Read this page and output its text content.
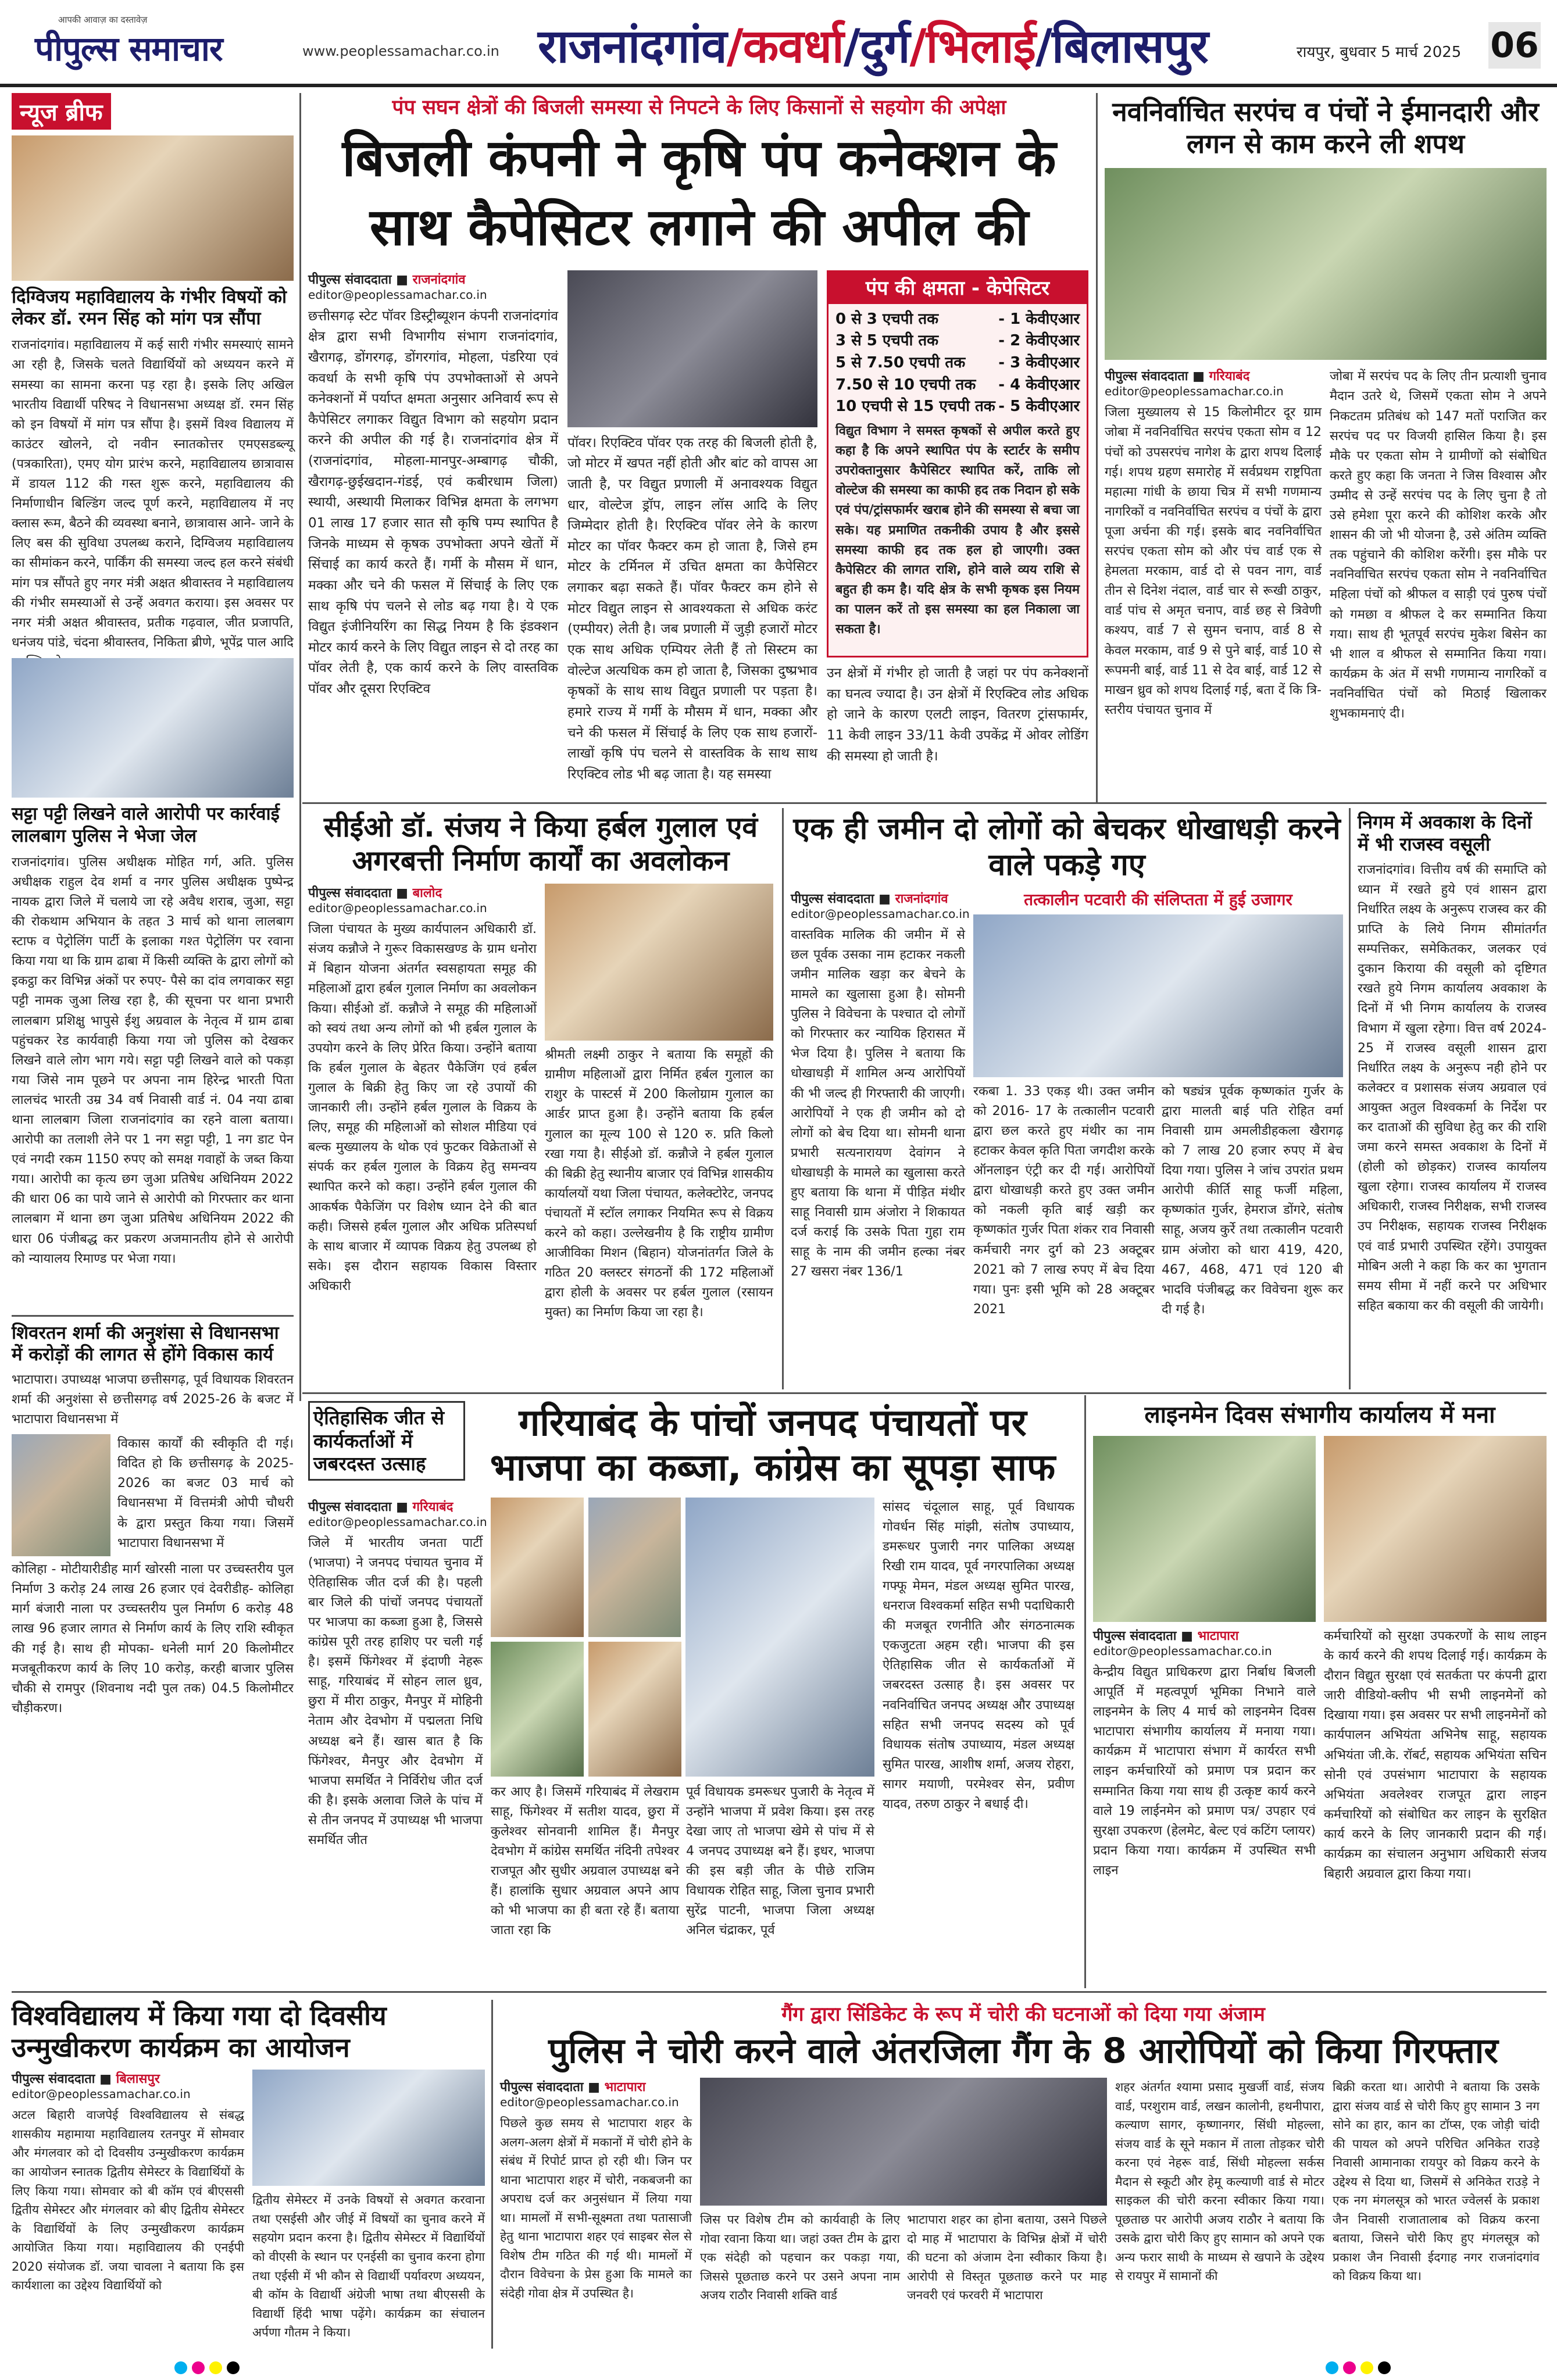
आपकी आवाज़ का दस्तावेज़
पीपुल्स समाचार	www.peoplessamachar.co.in राजनांदगांव/कवर्धा/दुर्ग/भिलाई/बिलासपुर	रायपुर, बुधवार 5 मार्च 2025 06
न्यूज ब्रीफ
दिग्विजय महाविद्यालय के गंभीर विषयों को लेकर डॉ. रमन सिंह को मांग पत्र सौंपा
राजनांदगांव। महाविद्यालय में कई सारी गंभीर समस्याएं सामने आ रही है, जिसके चलते विद्यार्थियों को अध्ययन करने में समस्या का सामना करना पड़ रहा है। इसके लिए अखिल भारतीय विद्यार्थी परिषद ने विधानसभा अध्यक्ष डॉ. रमन सिंह को इन विषयों में मांग पत्र सौंपा है। इसमें विश्व विद्यालय में काउंटर खोलने, दो नवीन स्नातकोत्तर एमएसडब्ल्यू (पत्रकारिता), एमए योग प्रारंभ करने, महाविद्यालय छात्रावास में डायल 112 की गस्त शुरू करने, महाविद्यालय की निर्माणाधीन बिल्डिंग जल्द पूर्ण करने, महाविद्यालय में नए क्लास रूम, बैठने की व्यवस्था बनाने, छात्रावास आने- जाने के लिए बस की सुविधा उपलब्ध कराने, दिग्विजय महाविद्यालय का सीमांकन करने, पार्किंग की समस्या जल्द हल करने संबंधी मांग पत्र सौंपते हुए नगर मंत्री अक्षत श्रीवास्तव ने महाविद्यालय की गंभीर समस्याओं से उन्हें अवगत कराया। इस अवसर पर नगर मंत्री अक्षत श्रीवास्तव, प्रतीक गढ़वाल, जीत प्रजापति, धनंजय पांडे, चंदना श्रीवास्तव, निकिता ब्रीणे, भूपेंद्र पाल आदि
सट्टा पट्टी लिखने वाले आरोपी पर कार्रवाई लालबाग पुलिस ने भेजा जेल
राजनांदगांव। पुलिस अधीक्षक मोहित गर्ग, अति. पुलिस अधीक्षक राहुल देव शर्मा व नगर पुलिस अधीक्षक पुष्पेन्द्र नायक द्वारा जिले में चलाये जा रहे अवैध शराब, जुआ, सट्टा की रोकथाम अभियान के तहत 3 मार्च को थाना लालबाग स्टाफ व पेट्रोलिंग पार्टी के इलाका गश्त पेट्रोलिंग पर रवाना किया गया था कि ग्राम ढाबा में किसी व्यक्ति के द्वारा लोगों को इकट्ठा कर विभिन्न अंकों पर रुपए- पैसे का दांव लगवाकर सट्टा पट्टी नामक जुआ लिख रहा है, की सूचना पर थाना प्रभारी लालबाग प्रशिक्षु भापुसे ईशु अग्रवाल के नेतृत्व में ग्राम ढाबा पहुंचकर रेड कार्यवाही किया गया जो पुलिस को देखकर लिखने वाले लोग भाग गये। सट्टा पट्टी लिखने वाले को पकड़ा गया जिसे नाम पूछने पर अपना नाम हिरेन्द्र भारती पिता लालचंद भारती उम्र 34 वर्ष निवासी वार्ड नं. 04 नया ढाबा थाना लालबाग जिला राजनांदगांव का रहने वाला बताया। आरोपी का तलाशी लेने पर 1 नग सट्टा पट्टी, 1 नग डाट पेन एवं नगदी रकम 1150 रुपए को समक्ष गवाहों के जब्त किया गया। आरोपी का कृत्य छग जुआ प्रतिषेध अधिनियम 2022 की धारा 06 का पाये जाने से आरोपी को गिरफ्तार कर थाना लालबाग में थाना छग जुआ प्रतिषेध अधिनियम 2022 की धारा 06 पंजीबद्ध कर प्रकरण अजमानतीय होने से आरोपी को न्यायालय रिमाण्ड पर भेजा गया।
शिवरतन शर्मा की अनुशंसा से विधानसभा में करोड़ों की लागत से होंगे विकास कार्य
भाटापारा। उपाध्यक्ष भाजपा छत्तीसगढ़, पूर्व विधायक शिवरतन शर्मा की अनुशंसा से छत्तीसगढ़ वर्ष 2025-26 के बजट में भाटापारा विधानसभा में
विकास कार्यों की स्वीकृति दी गई। विदित हो कि छत्तीसगढ़ के 2025- 2026 का बजट 03 मार्च को विधानसभा में वित्तमंत्री ओपी चौधरी के द्वारा प्रस्तुत किया गया। जिसमें भाटापारा विधानसभा में
कोलिहा - मोटीयारीडीह मार्ग खोरसी नाला पर उच्चस्तरीय पुल निर्माण 3 करोड़ 24 लाख 26 हजार एवं देवरीडीह- कोलिहा मार्ग बंजारी नाला पर उच्चस्तरीय पुल निर्माण 6 करोड़ 48 लाख 96 हजार लागत से निर्माण कार्य के लिए राशि स्वीकृत की गई है। साथ ही मोपका- धनेली मार्ग 20 किलोमीटर मजबूतीकरण कार्य के लिए 10 करोड़, करही बाजार पुलिस चौकी से रामपुर (शिवनाथ नदी पुल तक) 04.5 किलोमीटर चौड़ीकरण।
पंप सघन क्षेत्रों की बिजली समस्या से निपटने के लिए किसानों से सहयोग की अपेक्षा
बिजली कंपनी ने कृषि पंप कनेक्शन के साथ कैपेसिटर लगाने की अपील की
पीपुल्स संवाददाता ■ राजनांदगांव
editor@peoplessamachar.co.in
छत्तीसगढ़ स्टेट पॉवर डिस्ट्रीब्यूशन कंपनी राजनांदगांव क्षेत्र द्वारा सभी विभागीय संभाग राजनांदगांव, खैरागढ़, डोंगरगढ़, डोंगरगांव, मोहला, पंडरिया एवं कवर्धा के सभी कृषि पंप उपभोक्ताओं से अपने कनेक्शनों में पर्याप्त क्षमता अनुसार अनिवार्य रूप से कैपेसिटर लगाकर विद्युत विभाग को सहयोग प्रदान करने की अपील की गई है। राजनांदगांव क्षेत्र में (राजनांदगांव, मोहला-मानपुर-अम्बागढ़ चौकी, खैरागढ़-छुईखदान-गंडई, एवं कबीरधाम जिला) स्थायी, अस्थायी मिलाकर विभिन्न क्षमता के लगभग 01 लाख 17 हजार सात सौ कृषि पम्प स्थापित है जिनके माध्यम से कृषक उपभोक्ता अपने खेतों में सिंचाई का कार्य करते हैं। गर्मी के मौसम में धान, मक्का और चने की फसल में सिंचाई के लिए एक साथ कृषि पंप चलने से लोड बढ़ गया है। ये एक विद्युत इंजीनियरिंग का सिद्ध नियम है कि इंडक्शन मोटर कार्य करने के लिए विद्युत लाइन से दो तरह का पॉवर लेती है, एक कार्य करने के लिए वास्तविक पॉवर और दूसरा रिएक्टिव
पॉवर। रिएक्टिव पॉवर एक तरह की बिजली होती है, जो मोटर में खपत नहीं होती और बांट को वापस आ जाती है, पर विद्युत प्रणाली में अनावश्यक विद्युत धार, वोल्टेज ड्रॉप, लाइन लॉस आदि के लिए जिम्मेदार होती है। रिएक्टिव पॉवर लेने के कारण मोटर का पॉवर फैक्टर कम हो जाता है, जिसे हम मोटर के टर्मिनल में उचित क्षमता का कैपेसिटर लगाकर बढ़ा सकते हैं। पॉवर फैक्टर कम होने से मोटर विद्युत लाइन से आवश्यकता से अधिक करंट (एम्पीयर) लेती है। जब प्रणाली में जुड़ी हजारों मोटर एक साथ अधिक एम्पियर लेती हैं तो सिस्टम का वोल्टेज अत्यधिक कम हो जाता है, जिसका दुष्प्रभाव कृषकों के साथ साथ विद्युत प्रणाली पर पड़ता है। हमारे राज्य में गर्मी के मौसम में धान, मक्का और चने की फसल में सिंचाई के लिए एक साथ हजारों- लाखों कृषि पंप चलने से वास्तविक के साथ साथ रिएक्टिव लोड भी बढ़ जाता है। यह समस्या
पंप की क्षमता - केपेसिटर
0 से 3 एचपी तक	- 1 केवीएआर
3 से 5 एचपी तक	- 2 केवीएआर
5 से 7.50 एचपी तक - 3 केवीएआर
7.50 से 10 एचपी तक - 4 केवीएआर
10 एचपी से 15 एचपी तक - 5 केवीएआर
विद्युत विभाग ने समस्त कृषकों से अपील करते हुए कहा है कि अपने स्थापित पंप के स्टार्टर के समीप उपरोक्तानुसार कैपेसिटर स्थापित करें, ताकि लो वोल्टेज की समस्या का काफी हद तक निदान हो सके एवं पंप/ट्रांसफार्मर खराब होने की समस्या से बचा जा सके। यह प्रमाणित तकनीकी उपाय है और इससे समस्या काफी हद तक हल हो जाएगी। उक्त कैपेसिटर की लागत राशि, होने वाले व्यय राशि से बहुत ही कम है। यदि क्षेत्र के सभी कृषक इस नियम का पालन करें तो इस समस्या का हल निकाला जा सकता है।
उन क्षेत्रों में गंभीर हो जाती है जहां पर पंप कनेक्शनों का घनत्व ज्यादा है। उन क्षेत्रों में रिएक्टिव लोड अधिक हो जाने के कारण एलटी लाइन, वितरण ट्रांसफार्मर, 11 केवी लाइन 33/11 केवी उपकेंद्र में ओवर लोडिंग की समस्या हो जाती है।
नवनिर्वाचित सरपंच व पंचों ने ईमानदारी और लगन से काम करने ली शपथ
पीपुल्स संवाददाता ■ गरियाबंद
editor@peoplessamachar.co.in
जिला मुख्यालय से 15 किलोमीटर दूर ग्राम जोबा में नवनिर्वाचित सरपंच एकता सोम व 12 पंचों को उपसरपंच नागेश के द्वारा शपथ दिलाई गई। शपथ ग्रहण समारोह में सर्वप्रथम राष्ट्रपिता महात्मा गांधी के छाया चित्र में सभी गणमान्य नागरिकों व नवनिर्वाचित सरपंच व पंचों के द्वारा पूजा अर्चना की गई। इसके बाद नवनिर्वाचित सरपंच एकता सोम को और पंच वार्ड एक से हेमलता मरकाम, वार्ड दो से पवन नाग, वार्ड तीन से दिनेश नंदाल, वार्ड चार से रूखी ठाकुर, वार्ड पांच से अमृत चनाप, वार्ड छह से त्रिवेणी कश्यप, वार्ड 7 से सुमन चनाप, वार्ड 8 से केवल मरकाम, वार्ड 9 से पुने बाई, वार्ड 10 से रूपमनी बाई, वार्ड 11 से देव बाई, वार्ड 12 से माखन ध्रुव को शपथ दिलाई गई, बता दें कि त्रि-स्तरीय पंचायत चुनाव में
जोबा में सरपंच पद के लिए तीन प्रत्याशी चुनाव मैदान उतरे थे, जिसमें एकता सोम ने अपने निकटतम प्रतिबंध को 147 मतों पराजित कर सरपंच पद पर विजयी हासिल किया है। इस मौके पर एकता सोम ने ग्रामीणों को संबोधित करते हुए कहा कि जनता ने जिस विश्वास और उम्मीद से उन्हें सरपंच पद के लिए चुना है तो उसे हमेशा पूरा करने की कोशिश करके और शासन की जो भी योजना है, उसे अंतिम व्यक्ति तक पहुंचाने की कोशिश करेंगी। इस मौके पर नवनिर्वाचित सरपंच एकता सोम ने नवनिर्वाचित महिला पंचों को श्रीफल व साड़ी एवं पुरुष पंचों को गमछा व श्रीफल दे कर सम्मानित किया गया। साथ ही भूतपूर्व सरपंच मुकेश बिसेन का भी शाल व श्रीफल से सम्मानित किया गया। कार्यक्रम के अंत में सभी गणमान्य नागरिकों व नवनिर्वाचित पंचों को मिठाई खिलाकर शुभकामनाएं दी।
सीईओ डॉ. संजय ने किया हर्बल गुलाल एवं अगरबत्ती निर्माण कार्यों का अवलोकन
पीपुल्स संवाददाता ■ बालोद
editor@peoplessamachar.co.in
जिला पंचायत के मुख्य कार्यपालन अधिकारी डॉ. संजय कन्नौजे ने गुरूर विकासखण्ड के ग्राम धनोरा में बिहान योजना अंतर्गत स्वसहायता समूह की महिलाओं द्वारा हर्बल गुलाल निर्माण का अवलोकन किया। सीईओ डॉ. कन्नौजे ने समूह की महिलाओं को स्वयं तथा अन्य लोगों को भी हर्बल गुलाल के उपयोग करने के लिए प्रेरित किया। उन्होंने बताया कि हर्बल गुलाल के बेहतर पैकेजिंग एवं हर्बल गुलाल के बिक्री हेतु किए जा रहे उपायों की जानकारी ली। उन्होंने हर्बल गुलाल के विक्रय के लिए, समूह की महिलाओं को सोशल मीडिया एवं बल्क मुख्यालय के थोक एवं फुटकर विक्रेताओं से संपर्क कर हर्बल गुलाल के विक्रय हेतु समन्वय स्थापित करने को कहा। उन्होंने हर्बल गुलाल की आकर्षक पैकेजिंग पर विशेष ध्यान देने की बात कही। जिससे हर्बल गुलाल और अधिक प्रतिस्पर्धा के साथ बाजार में व्यापक विक्रय हेतु उपलब्ध हो सके। इस दौरान सहायक विकास विस्तार अधिकारी
श्रीमती लक्ष्मी ठाकुर ने बताया कि समूहों की ग्रामीण महिलाओं द्वारा निर्मित हर्बल गुलाल का राशुर के पास्टर्स में 200 किलोग्राम गुलाल का आर्डर प्राप्त हुआ है। उन्होंने बताया कि हर्बल गुलाल का मूल्य 100 से 120 रु. प्रति किलो रखा गया है। सीईओ डॉ. कन्नौजे ने हर्बल गुलाल की बिक्री हेतु स्थानीय बाजार एवं विभिन्न शासकीय कार्यालयों यथा जिला पंचायत, कलेक्टोरेट, जनपद पंचायतों में स्टॉल लगाकर नियमित रूप से विक्रय करने को कहा। उल्लेखनीय है कि राष्ट्रीय ग्रामीण आजीविका मिशन (बिहान) योजनांतर्गत जिले के गठित 20 क्लस्टर संगठनों की 172 महिलाओं द्वारा होली के अवसर पर हर्बल गुलाल (रसायन मुक्त) का निर्माण किया जा रहा है।
एक ही जमीन दो लोगों को बेचकर धोखाधड़ी करने वाले पकड़े गए
पीपुल्स संवाददाता ■ राजनांदगांव
editor@peoplessamachar.co.in
वास्तविक मालिक की जमीन में से छल पूर्वक उसका नाम हटाकर नकली जमीन मालिक खड़ा कर बेचने के मामले का खुलासा हुआ है। सोमनी पुलिस ने विवेचना के पश्चात दो लोगों को गिरफ्तार कर न्यायिक हिरासत में भेज दिया है। पुलिस ने बताया कि धोखाधड़ी में शामिल अन्य आरोपियों की भी जल्द ही गिरफ्तारी की जाएगी। आरोपियों ने एक ही जमीन को दो लोगों को बेच दिया था। सोमनी थाना प्रभारी सत्यनारायण देवांगन ने धोखाधड़ी के मामले का खुलासा करते हुए बताया कि थाना में पीड़ित मंथीर साहू निवासी ग्राम अंजोरा ने शिकायत दर्ज कराई कि उसके पिता गुहा राम साहू के नाम की जमीन हल्का नंबर 27 खसरा नंबर 136/1
तत्कालीन पटवारी की संलिप्तता में हुई उजागर
रकबा 1. 33 एकड़ थी। उक्त जमीन को 2016- 17 के तत्कालीन पटवारी द्वारा छल करते हुए मंथीर का नाम हटाकर केवल कृति पिता जगदीश करके ऑनलाइन एंट्री कर दी गई। आरोपियों द्वारा धोखाधड़ी करते हुए उक्त जमीन को नकली कृति बाई खड़ी कर कृष्णकांत गुर्जर पिता शंकर राव निवासी कर्मचारी नगर दुर्ग को 23 अक्टूबर 2021 को 7 लाख रुपए में बेच दिया गया। पुनः इसी भूमि को 28 अक्टूबर 2021
को षड्यंत्र पूर्वक कृष्णकांत गुर्जर के द्वारा मालती बाई पति रोहित वर्मा निवासी ग्राम अमलीडीहकला खैरागढ़ को 7 लाख 20 हजार रुपए में बेच दिया गया। पुलिस ने जांच उपरांत प्रथम आरोपी कीर्ति साहू फर्जी महिला, कृष्णकांत गुर्जर, हेमराज डोंगरे, संतोष साहू, अजय कुर्रे तथा तत्कालीन पटवारी ग्राम अंजोरा को धारा 419, 420, 467, 468, 471 एवं 120 बी भादवि पंजीबद्ध कर विवेचना शुरू कर दी गई है।
निगम में अवकाश के दिनों में भी राजस्व वसूली
राजनांदगांव। वित्तीय वर्ष की समाप्ति को ध्यान में रखते हुये एवं शासन द्वारा निर्धारित लक्ष्य के अनुरूप राजस्व कर की प्राप्ति के लिये निगम सीमांतर्गत सम्पत्तिकर, समेकितकर, जलकर एवं दुकान किराया की वसूली को दृष्टिगत रखते हुये निगम कार्यालय अवकाश के दिनों में भी निगम कार्यालय के राजस्व विभाग में खुला रहेगा। वित्त वर्ष 2024-25 में राजस्व वसूली शासन द्वारा निर्धारित लक्ष्य के अनुरूप नही होने पर कलेक्टर व प्रशासक संजय अग्रवाल एवं आयुक्त अतुल विश्वकर्मा के निर्देश पर कर दाताओं की सुविधा हेतु कर की राशि जमा करने समस्त अवकाश के दिनों में (होली को छोड़कर) राजस्व कार्यालय खुला रहेगा। राजस्व कार्यालय में राजस्व अधिकारी, राजस्व निरीक्षक, सभी राजस्व उप निरीक्षक, सहायक राजस्व निरीक्षक एवं वार्ड प्रभारी उपस्थित रहेंगे। उपायुक्त मोबिन अली ने कहा कि कर का भुगतान समय सीमा में नहीं करने पर अधिभार सहित बकाया कर की वसूली की जायेगी।
ऐतिहासिक जीत से कार्यकर्ताओं में जबरदस्त उत्साह
गरियाबंद के पांचों जनपद पंचायतों पर भाजपा का कब्जा, कांग्रेस का सूपड़ा साफ
पीपुल्स संवाददाता ■ गरियाबंद
editor@peoplessamachar.co.in
जिले में भारतीय जनता पार्टी (भाजपा) ने जनपद पंचायत चुनाव में ऐतिहासिक जीत दर्ज की है। पहली बार जिले की पांचों जनपद पंचायतों पर भाजपा का कब्जा हुआ है, जिससे कांग्रेस पूरी तरह हाशिए पर चली गई है। इसमें फिंगेश्वर में इंदाणी नेहरू साहू, गरियाबंद में सोहन लाल ध्रुव, छुरा में मीरा ठाकुर, मैनपुर में मोहिनी नेताम और देवभोग में पद्मलता निधि अध्यक्ष बने हैं। खास बात है कि फिंगेश्वर, मैनपुर और देवभोग में भाजपा समर्थित ने निर्विरोध जीत दर्ज की है। इसके अलावा जिले के पांच में से तीन जनपद में उपाध्यक्ष भी भाजपा समर्थित जीत
कर आए है। जिसमें गरियाबंद में लेखराम साहू, फिंगेश्वर में सतीश यादव, छुरा में कुलेश्वर सोनवानी शामिल हैं। मैनपुर देवभोग में कांग्रेस समर्थित नंदिनी तपेश्वर राजपूत और सुधीर अग्रवाल उपाध्यक्ष बने हैं। हालांकि सुधार अग्रवाल अपने आप को भी भाजपा का ही बता रहे हैं। बताया जाता रहा कि
पूर्व विधायक डमरूधर पुजारी के नेतृत्व में उन्होंने भाजपा में प्रवेश किया। इस तरह देखा जाए तो भाजपा खेमे से पांच में से 4 जनपद उपाध्यक्ष बने हैं। इधर, भाजपा की इस बड़ी जीत के पीछे राजिम विधायक रोहित साहू, जिला चुनाव प्रभारी सुरेंद्र पाटनी, भाजपा जिला अध्यक्ष अनिल चंद्राकर, पूर्व
सांसद चंदूलाल साहू, पूर्व विधायक गोवर्धन सिंह मांझी, संतोष उपाध्याय, डमरूधर पुजारी नगर पालिका अध्यक्ष रिखी राम यादव, पूर्व नगरपालिका अध्यक्ष गफ्फू मेमन, मंडल अध्यक्ष सुमित पारख, धनराज विश्वकर्मा सहित सभी पदाधिकारी की मजबूत रणनीति और संगठनात्मक एकजुटता अहम रही। भाजपा की इस ऐतिहासिक जीत से कार्यकर्ताओं में जबरदस्त उत्साह है। इस अवसर पर नवनिर्वाचित जनपद अध्यक्ष और उपाध्यक्ष सहित सभी जनपद सदस्य को पूर्व विधायक संतोष उपाध्याय, मंडल अध्यक्ष सुमित पारख, आशीष शर्मा, अजय रोहरा, सागर मयाणी, परमेश्वर सेन, प्रवीण यादव, तरुण ठाकुर ने बधाई दी।
लाइनमेन दिवस संभागीय कार्यालय में मना
पीपुल्स संवाददाता ■ भाटापारा
editor@peoplessamachar.co.in
केन्द्रीय विद्युत प्राधिकरण द्वारा निर्बाध बिजली आपूर्ति में महत्वपूर्ण भूमिका निभाने वाले लाइनमेन के लिए 4 मार्च को लाइनमेन दिवस भाटापारा संभागीय कार्यालय में मनाया गया। कार्यक्रम में भाटापारा संभाग में कार्यरत सभी लाइन कर्मचारियों को प्रमाण पत्र प्रदान कर सम्मानित किया गया साथ ही उत्कृष्ट कार्य करने वाले 19 लाईनमेन को प्रमाण पत्र/ उपहार एवं सुरक्षा उपकरण (हेलमेट, बेल्ट एवं कटिंग प्लायर) प्रदान किया गया। कार्यक्रम में उपस्थित सभी लाइन
कर्मचारियों को सुरक्षा उपकरणों के साथ लाइन के कार्य करने की शपथ दिलाई गई। कार्यक्रम के दौरान विद्युत सुरक्षा एवं सतर्कता पर कंपनी द्वारा जारी वीडियो-क्लीप भी सभी लाइनमेनों को दिखाया गया। इस अवसर पर सभी लाइनमेनों को कार्यपालन अभियंता अभिनेष साहू, सहायक अभियंता जी.के. रॉबर्ट, सहायक अभियंता सचिन सोनी एवं उपसंभाग भाटापारा के सहायक अभियंता अवलेश्वर राजपूत द्वारा लाइन कर्मचारियों को संबोधित कर लाइन के सुरक्षित कार्य करने के लिए जानकारी प्रदान की गई। कार्यक्रम का संचालन अनुभाग अधिकारी संजय बिहारी अग्रवाल द्वारा किया गया।
विश्वविद्यालय में किया गया दो दिवसीय उन्मुखीकरण कार्यक्रम का आयोजन
पीपुल्स संवाददाता ■ बिलासपुर
editor@peoplessamachar.co.in
अटल बिहारी वाजपेई विश्वविद्यालय से संबद्ध शासकीय महामाया महाविद्यालय रतनपुर में सोमवार और मंगलवार को दो दिवसीय उन्मुखीकरण कार्यक्रम का आयोजन स्नातक द्वितीय सेमेस्टर के विद्यार्थियों के लिए किया गया। सोमवार को बी कॉम एवं बीएससी द्वितीय सेमेस्टर और मंगलवार को बीए द्वितीय सेमेस्टर के विद्यार्थियों के लिए उन्मुखीकरण कार्यक्रम आयोजित किया गया। महाविद्यालय की एनईपी 2020 संयोजक डॉ. जया चावला ने बताया कि इस कार्यशाला का उद्देश्य विद्यार्थियों को
द्वितीय सेमेस्टर में उनके विषयों से अवगत करवाना तथा एसईसी और जीई में विषयों का चुनाव करने में सहयोग प्रदान करना है। द्वितीय सेमेस्टर में विद्यार्थियों को वीएसी के स्थान पर एनईसी का चुनाव करना होगा तथा एईसी में भी कौन से विद्यार्थी पर्यावरण अध्ययन, बी कॉम के विद्यार्थी अंग्रेजी भाषा तथा बीएससी के विद्यार्थी हिंदी भाषा पढ़ेंगे। कार्यक्रम का संचालन अर्पणा गौतम ने किया।
गैंग द्वारा सिंडिकेट के रूप में चोरी की घटनाओं को दिया गया अंजाम
पुलिस ने चोरी करने वाले अंतरजिला गैंग के 8 आरोपियों को किया गिरफ्तार
पीपुल्स संवाददाता ■ भाटापारा
editor@peoplessamachar.co.in
पिछले कुछ समय से भाटापारा शहर के अलग-अलग क्षेत्रों में मकानों में चोरी होने के संबंध में रिपोर्ट प्राप्त हो रही थी। जिन पर थाना भाटापारा शहर में चोरी, नकबजनी का अपराध दर्ज कर अनुसंधान में लिया गया था। मामलों में सभी-सूक्ष्मता तथा पतासाजी हेतु थाना भाटापारा शहर एवं साइबर सेल से विशेष टीम गठित की गई थी। मामलों में दौरान विवेचना के प्रेस हुआ कि मामले का संदेही गोवा क्षेत्र में उपस्थित है।
जिस पर विशेष टीम को कार्यवाही के लिए गोवा रवाना किया था। जहां उक्त टीम के द्वारा एक संदेही को पहचान कर पकड़ा गया, जिससे पूछताछ करने पर उसने अपना नाम अजय राठौर निवासी शक्ति वार्ड
भाटापारा शहर का होना बताया, उसने पिछले दो माह में भाटापारा के विभिन्न क्षेत्रों में चोरी की घटना को अंजाम देना स्वीकार किया है। आरोपी से विस्तृत पूछताछ करने पर माह जनवरी एवं फरवरी में भाटापारा
शहर अंतर्गत श्यामा प्रसाद मुखर्जी वार्ड, संजय वार्ड, परशुराम वार्ड, लखन कालोनी, हथनीपारा, कल्याण सागर, कृष्णानगर, सिंधी मोहल्ला, संजय वार्ड के सूने मकान में ताला तोड़कर चोरी करना एवं नेहरू वार्ड, सिंधी मोहल्ला सर्कस मैदान से स्कूटी और हेमू कल्याणी वार्ड से मोटर साइकल की चोरी करना स्वीकार किया गया। पूछताछ पर आरोपी अजय राठौर ने बताया कि उसके द्वारा चोरी किए हुए सामान को अपने एक अन्य फरार साथी के माध्यम से खपाने के उद्देश्य से रायपुर में सामानों की
बिक्री करता था। आरोपी ने बताया कि उसके द्वारा संजय वार्ड से चोरी किए हुए सामान 3 नग सोने का हार, कान का टॉप्स, एक जोड़ी चांदी की पायल को अपने परिचित अनिकेत राउड़े निवासी आमानाका रायपुर को विक्रय करने के उद्देश्य से दिया था, जिसमें से अनिकेत राउड़े ने एक नग मंगलसूत्र को भारत ज्वेलर्स के प्रकाश जैन निवासी राजातालाब को विक्रय करना बताया, जिसने चोरी किए हुए मंगलसूत्र को प्रकाश जैन निवासी ईदगाह नगर राजनांदगांव को विक्रय किया था।
